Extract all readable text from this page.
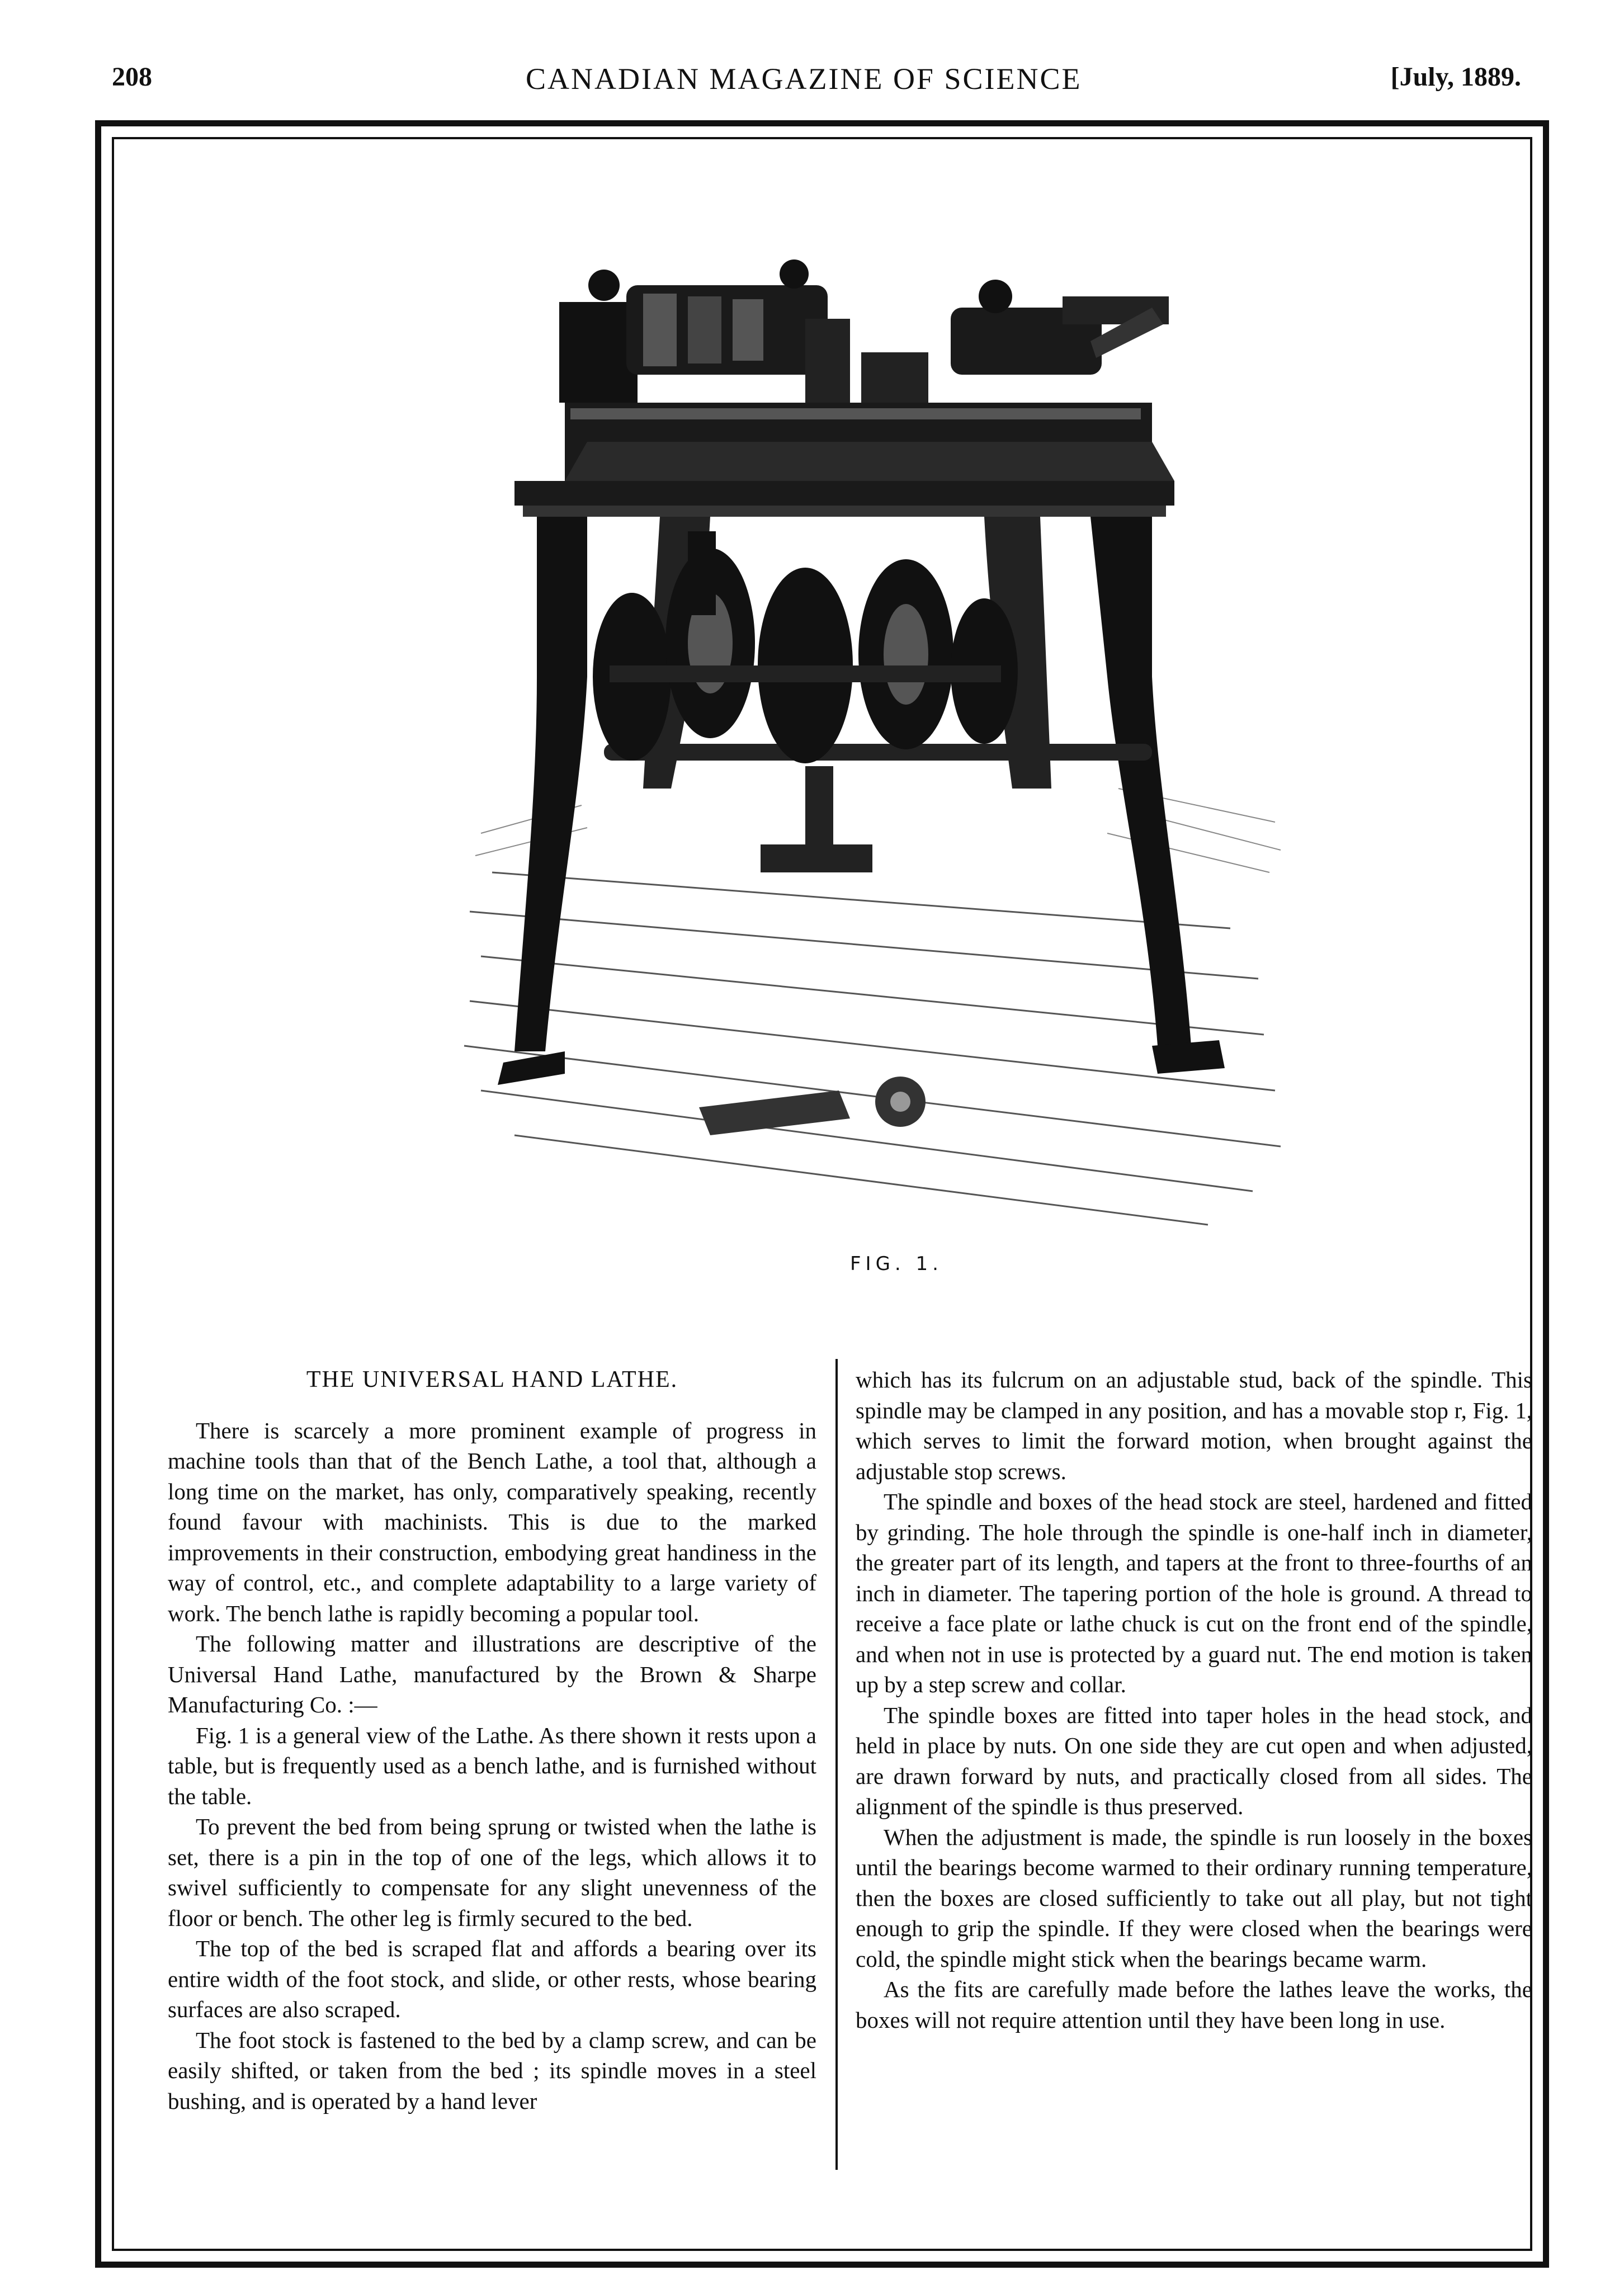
208	CANADIAN MAGAZINE OF SCIENCE	[July, 1889.
FIG. 1.
THE UNIVERSAL HAND LATHE.

There is scarcely a more prominent example of progress in machine tools than that of the Bench Lathe, a tool that, although a long time on the market, has only, comparatively speaking, recently found favour with machinists. This is due to the marked improvements in their construction, embodying great handiness in the way of control, etc., and complete adaptability to a large variety of work. The bench lathe is rapidly becoming a popular tool.

The following matter and illustrations are descriptive of the Universal Hand Lathe, manufactured by the Brown & Sharpe Manufacturing Co. :—

Fig. 1 is a general view of the Lathe. As there shown it rests upon a table, but is frequently used as a bench lathe, and is furnished without the table.

To prevent the bed from being sprung or twisted when the lathe is set, there is a pin in the top of one of the legs, which allows it to swivel sufficiently to compensate for any slight unevenness of the floor or bench. The other leg is firmly secured to the bed.

The top of the bed is scraped flat and affords a bearing over its entire width of the foot stock, and slide, or other rests, whose bearing surfaces are also scraped.

The foot stock is fastened to the bed by a clamp screw, and can be easily shifted, or taken from the bed ; its spindle moves in a steel bushing, and is operated by a hand lever

which has its fulcrum on an adjustable stud, back of the spindle. This spindle may be clamped in any position, and has a movable stop r, Fig. 1, which serves to limit the forward motion, when brought against the adjustable stop screws.

The spindle and boxes of the head stock are steel, hardened and fitted by grinding. The hole through the spindle is one-half inch in diameter, the greater part of its length, and tapers at the front to three-fourths of an inch in diameter. The tapering portion of the hole is ground. A thread to receive a face plate or lathe chuck is cut on the front end of the spindle, and when not in use is protected by a guard nut. The end motion is taken up by a step screw and collar.

The spindle boxes are fitted into taper holes in the head stock, and held in place by nuts. On one side they are cut open and when adjusted, are drawn forward by nuts, and practically closed from all sides. The alignment of the spindle is thus preserved.

When the adjustment is made, the spindle is run loosely in the boxes until the bearings become warmed to their ordinary running temperature, then the boxes are closed sufficiently to take out all play, but not tight enough to grip the spindle. If they were closed when the bearings were cold, the spindle might stick when the bearings became warm.

As the fits are carefully made before the lathes leave the works, the boxes will not require attention until they have been long in use.
